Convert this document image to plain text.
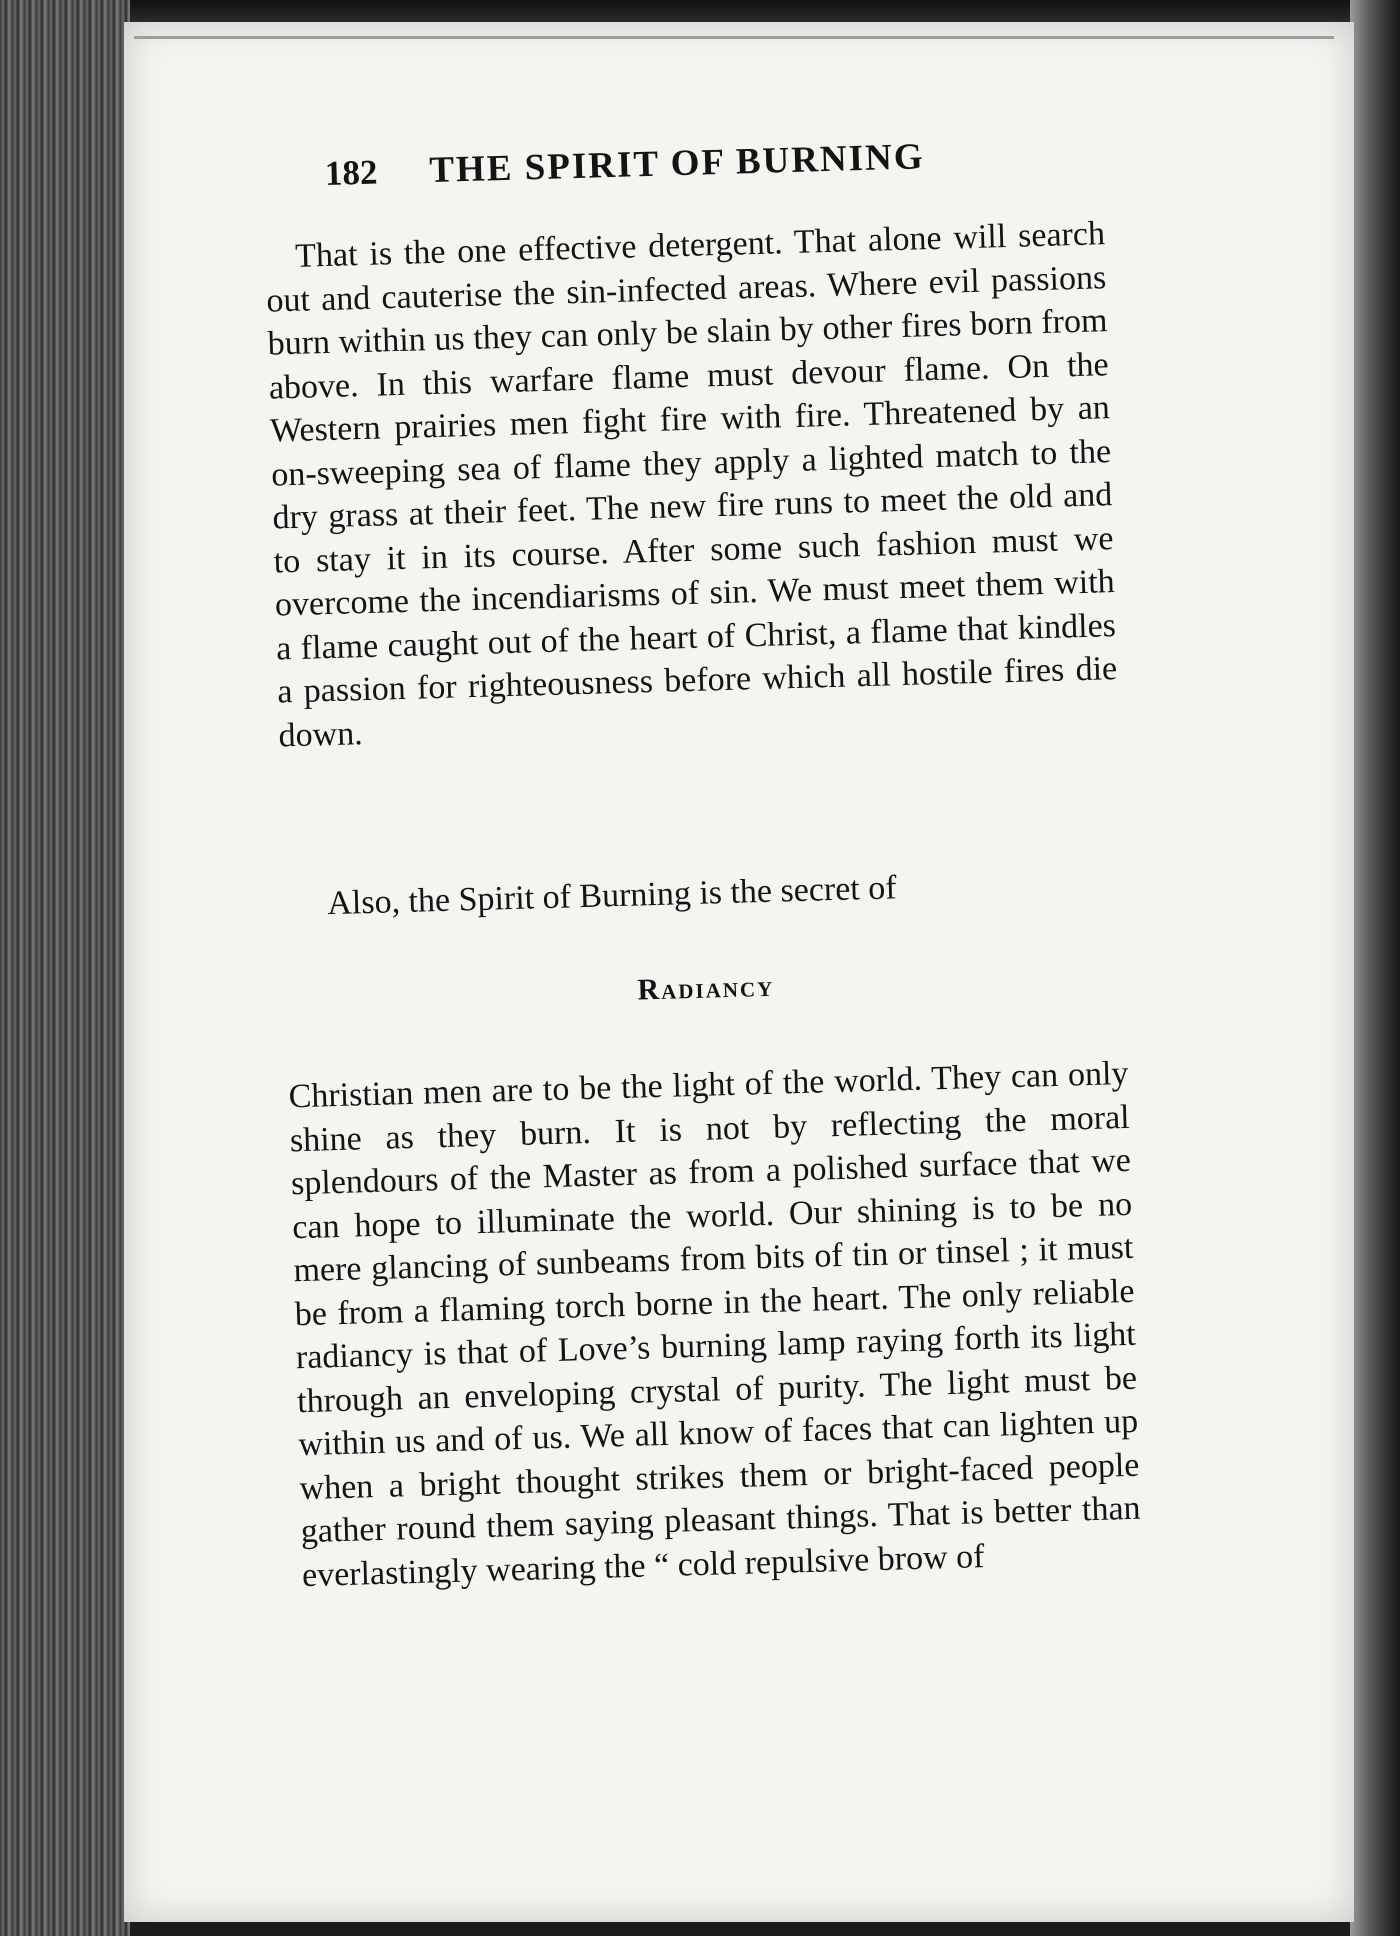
182 THE SPIRIT OF BURNING

That is the one effective detergent. That alone will search out and cauterise the sin-infected areas. Where evil passions burn within us they can only be slain by other fires born from above. In this warfare flame must devour flame. On the Western prairies men fight fire with fire. Threatened by an on-sweeping sea of flame they apply a lighted match to the dry grass at their feet. The new fire runs to meet the old and to stay it in its course. After some such fashion must we overcome the incendiarisms of sin. We must meet them with a flame caught out of the heart of Christ, a flame that kindles a passion for righteousness before which all hostile fires die down.

Also, the Spirit of Burning is the secret of

Radiancy

Christian men are to be the light of the world. They can only shine as they burn. It is not by reflecting the moral splendours of the Master as from a polished surface that we can hope to illuminate the world. Our shining is to be no mere glancing of sunbeams from bits of tin or tinsel ; it must be from a flaming torch borne in the heart. The only reliable radiancy is that of Love’s burning lamp raying forth its light through an enveloping crystal of purity. The light must be within us and of us. We all know of faces that can lighten up when a bright thought strikes them or bright-faced people gather round them saying pleasant things. That is better than everlastingly wearing the “ cold repulsive brow of
